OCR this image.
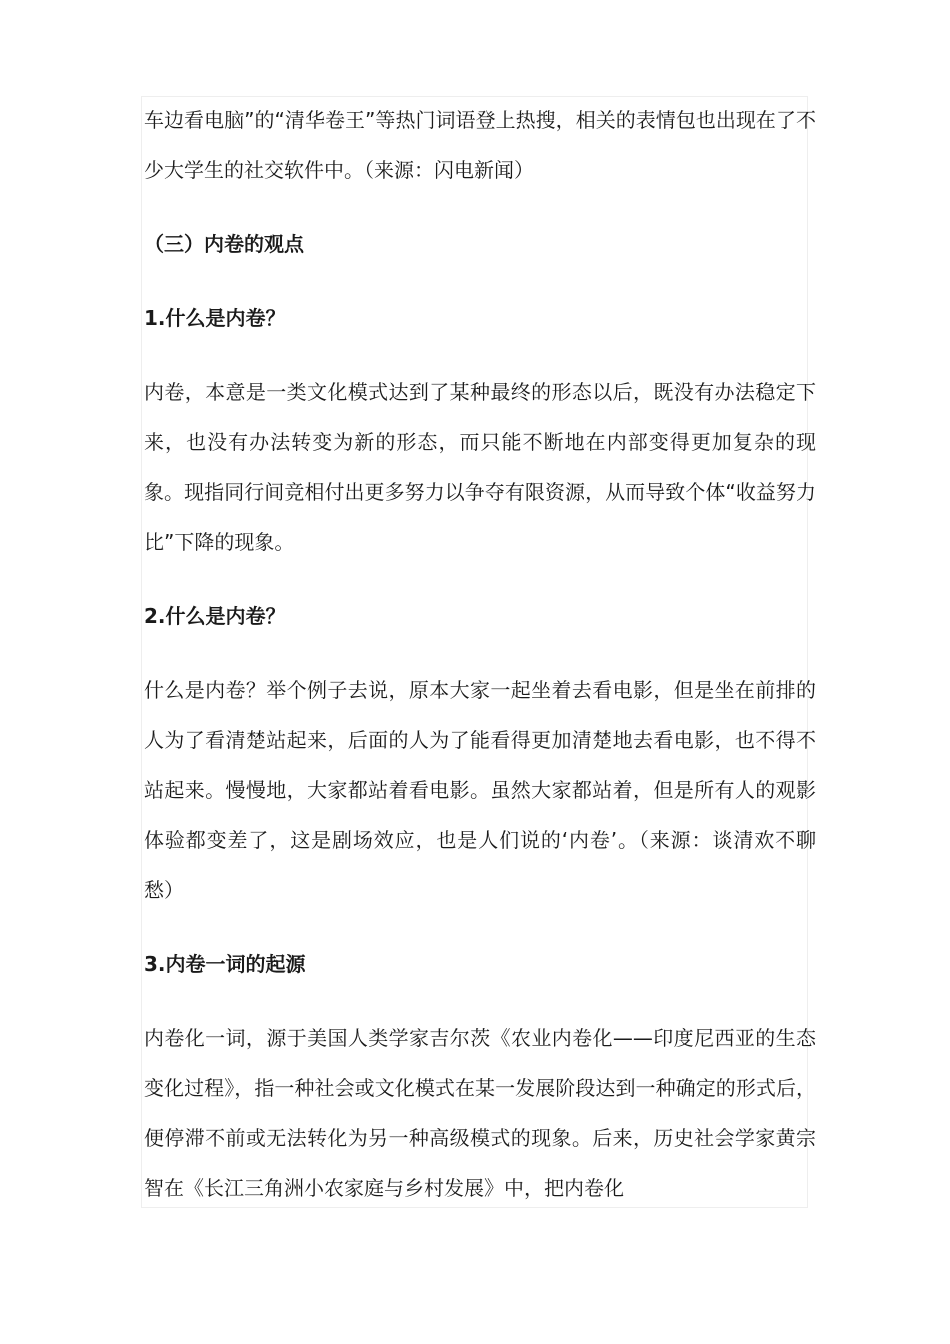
车边看电脑”的“清华卷王”等热门词语登上热搜，相关的表情包也出现在了不少大学生的社交软件中。（来源：闪电新闻）

（三）内卷的观点

1.什么是内卷？

内卷，本意是一类文化模式达到了某种最终的形态以后，既没有办法稳定下来，也没有办法转变为新的形态，而只能不断地在内部变得更加复杂的现象。现指同行间竞相付出更多努力以争夺有限资源，从而导致个体“收益努力比”下降的现象。

2.什么是内卷？

什么是内卷？举个例子去说，原本大家一起坐着去看电影，但是坐在前排的人为了看清楚站起来，后面的人为了能看得更加清楚地去看电影，也不得不站起来。慢慢地，大家都站着看电影。虽然大家都站着，但是所有人的观影体验都变差了，这是剧场效应，也是人们说的‘内卷’。（来源：谈清欢不聊愁）

3.内卷一词的起源

内卷化一词，源于美国人类学家吉尔茨《农业内卷化——印度尼西亚的生态变化过程》，指一种社会或文化模式在某一发展阶段达到一种确定的形式后，便停滞不前或无法转化为另一种高级模式的现象。后来，历史社会学家黄宗智在《长江三角洲小农家庭与乡村发展》中，把内卷化
